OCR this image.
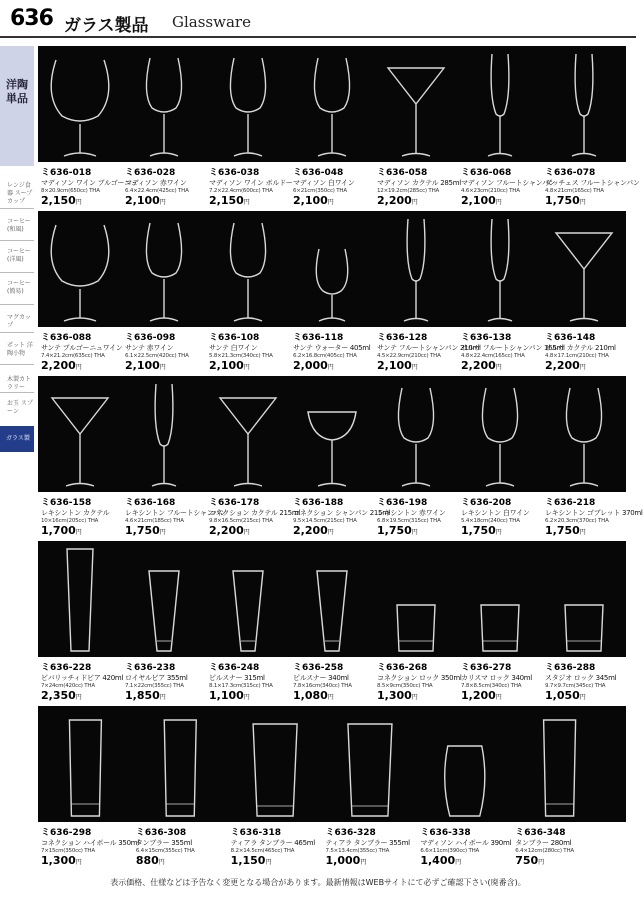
636 ガラス製品 Glassware
洋陶単品
レンジ食器 スープ カップ
コーヒー (和風)
コーヒー (洋風)
コーヒー (簡易)
マグカップ
ポット 洋陶小物
木製カトラリー
お玉 スプーン
ガラス製品
ミ636-018
マディソン ワイン ブルゴーニュ
8×20.9cm(650cc) THA
2,150円
ミ636-028
マディソン 赤ワイン
6.4×22.4cm(425cc) THA
2,100円
ミ636-038
マディソン ワイン ボルドー
7.2×22.4cm(600cc) THA
2,150円
ミ636-048
マディソン 白ワイン
6×21cm(350cc) THA
2,100円
ミ636-058
マディソン カクテル 285ml
12×19.2cm(285cc) THA
2,200円
ミ636-068
マディソン フルートシャンパン
4.6×23cm(210cc) THA
2,100円
ミ636-078
ダッチェス フルートシャンパン
4.8×21cm(165cc) THA
1,750円
ミ636-088
サンテ ブルゴーニュワイン
7.4×21.2cm(635cc) THA
2,200円
ミ636-098
サンテ 赤ワイン
6.1×22.5cm(420cc) THA
2,100円
ミ636-108
サンテ 白ワイン
5.8×21.3cm(340cc) THA
2,100円
ミ636-118
サンテ ウォーター 405ml
6.2×16.8cm(405cc) THA
2,000円
ミ636-128
サンテ フルートシャンパン 210ml
4.5×22.9cm(210cc) THA
2,100円
ミ636-138
サルサ フルートシャンパン 165ml
4.8×22.4cm(165cc) THA
2,200円
ミ636-148
サルサ カクテル 210ml
4.8×17.1cm(210cc) THA
2,200円
ミ636-158
レキシントン カクテル
10×16cm(205cc) THA
1,700円
ミ636-168
レキシントン フルートシャンパン
4.6×21cm(185cc) THA
1,750円
ミ636-178
コネクション カクテル 215ml
9.8×16.5cm(215cc) THA
2,200円
ミ636-188
コネクション シャンパン 215ml
9.5×14.5cm(215cc) THA
2,200円
ミ636-198
レキシントン 赤ワイン
6.8×19.5cm(315cc) THA
1,750円
ミ636-208
レキシントン 白ワイン
5.4×18cm(240cc) THA
1,750円
ミ636-218
レキシントン ゴブレット 370ml
6.2×20.3cm(370cc) THA
1,750円
ミ636-228
ビバリッチィドビア 420ml
7×24cm(420cc) THA
2,350円
ミ636-238
ロイヤルビア 355ml
7.1×22cm(355cc) THA
1,850円
ミ636-248
ピルスナー 315ml
8.1×17.3cm(315cc) THA
1,100円
ミ636-258
ピルスナー 340ml
7.8×16cm(340cc) THA
1,080円
ミ636-268
コネクション ロック 350ml
8.5×9cm(350cc) THA
1,300円
ミ636-278
カリスマ ロック 340ml
7.8×8.5cm(340cc) THA
1,200円
ミ636-288
スタジオ ロック 345ml
9.7×9.7cm(345cc) THA
1,050円
ミ636-298
コネクション ハイボール 350ml
7×15cm(350cc) THA
1,300円
ミ636-308
タンブラー 355ml
6.4×15cm(355cc) THA
880円
ミ636-318
ティアラ タンブラー 465ml
8.2×14.5cm(465cc) THA
1,150円
ミ636-328
ティアラ タンブラー 355ml
7.5×13.4cm(355cc) THA
1,000円
ミ636-338
マディソン ハイボール 390ml
6.6×11cm(390cc) THA
1,400円
ミ636-348
タンブラー 280ml
6.4×12cm(280cc) THA
750円
表示価格、仕様などは予告なく変更となる場合があります。最新情報はWEBサイトにて必ずご確認下さい(廃番含)。
